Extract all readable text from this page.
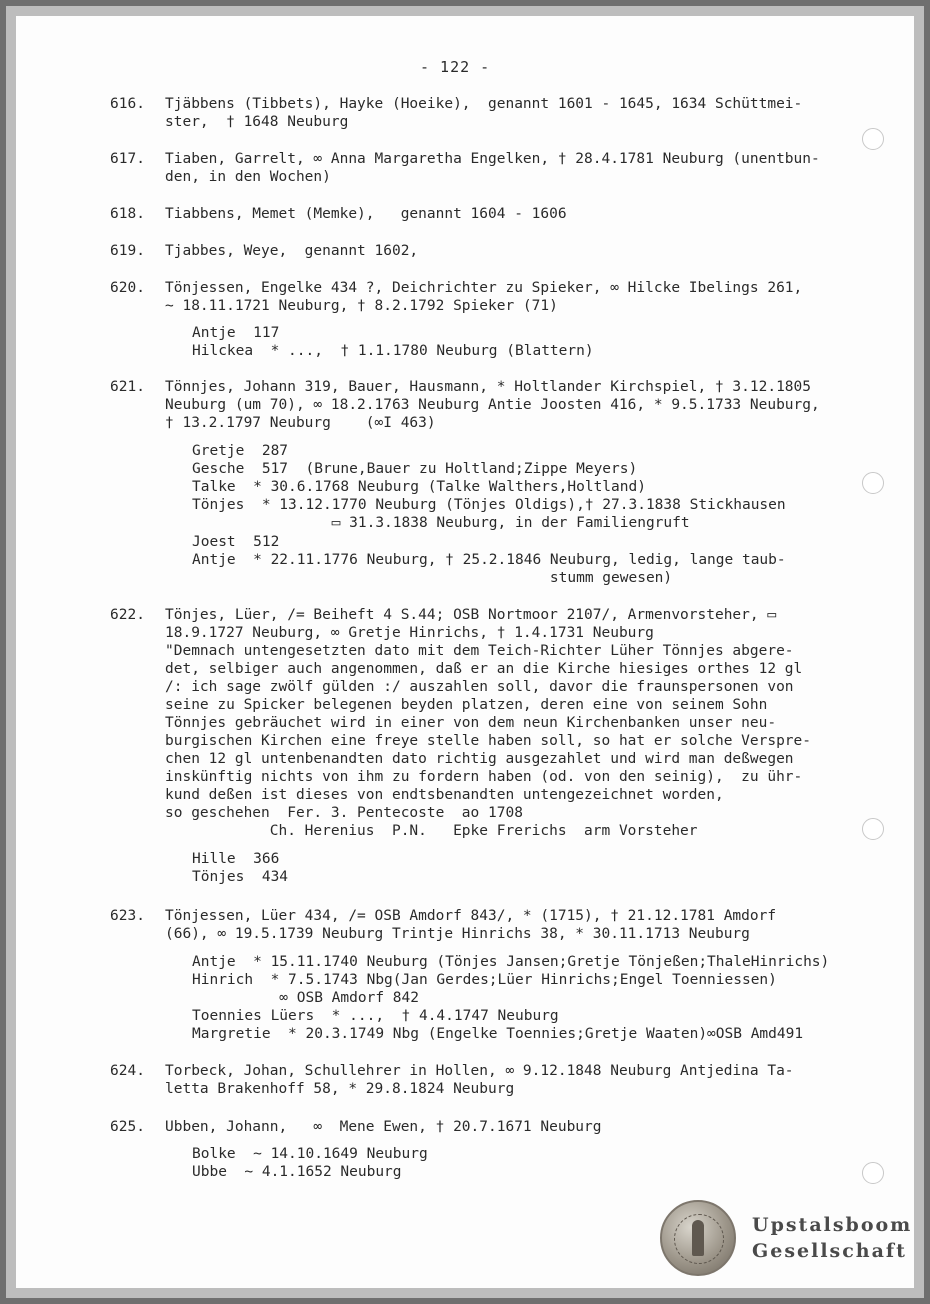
- 122 -
616. Tjäbbens (Tibbets), Hayke (Hoeike),  genannt 1601 - 1645, 1634 Schüttmei-
ster,  † 1648 Neuburg
617. Tiaben, Garrelt, ∞ Anna Margaretha Engelken, † 28.4.1781 Neuburg (unentbun-
den, in den Wochen)
618. Tiabbens, Memet (Memke),   genannt 1604 - 1606
619. Tjabbes, Weye,  genannt 1602,
620. Tönjessen, Engelke 434 ?, Deichrichter zu Spieker, ∞ Hilcke Ibelings 261,
~ 18.11.1721 Neuburg, † 8.2.1792 Spieker (71)
Antje  117
Hilckea  * ...,  † 1.1.1780 Neuburg (Blattern)
621. Tönnjes, Johann 319, Bauer, Hausmann, * Holtlander Kirchspiel, † 3.12.1805
Neuburg (um 70), ∞ 18.2.1763 Neuburg Antie Joosten 416, * 9.5.1733 Neuburg,
† 13.2.1797 Neuburg    (∞I 463)
Gretje  287
Gesche  517  (Brune,Bauer zu Holtland;Zippe Meyers)
Talke  * 30.6.1768 Neuburg (Talke Walthers,Holtland)
Tönjes  * 13.12.1770 Neuburg (Tönjes Oldigs),† 27.3.1838 Stickhausen
▭ 31.3.1838 Neuburg, in der Familiengruft
Joest  512
Antje  * 22.11.1776 Neuburg, † 25.2.1846 Neuburg, ledig, lange taub-
stumm gewesen)
622. Tönjes, Lüer, /= Beiheft 4 S.44; OSB Nortmoor 2107/, Armenvorsteher, ▭
18.9.1727 Neuburg, ∞ Gretje Hinrichs, † 1.4.1731 Neuburg
"Demnach untengesetzten dato mit dem Teich-Richter Lüher Tönnjes abgere-
det, selbiger auch angenommen, daß er an die Kirche hiesiges orthes 12 gl
/: ich sage zwölf gülden :/ auszahlen soll, davor die fraunspersonen von
seine zu Spicker belegenen beyden platzen, deren eine von seinem Sohn
Tönnjes gebräuchet wird in einer von dem neun Kirchenbanken unser neu-
burgischen Kirchen eine freye stelle haben soll, so hat er solche Verspre-
chen 12 gl untenbenandten dato richtig ausgezahlet und wird man deßwegen
inskünftig nichts von ihm zu fordern haben (od. von den seinig),  zu ühr-
kund deßen ist dieses von endtsbenandten untengezeichnet worden,
so geschehen  Fer. 3. Pentecoste  ao 1708
Ch. Herenius  P.N.   Epke Frerichs  arm Vorsteher
Hille  366
Tönjes  434
623. Tönjessen, Lüer 434, /= OSB Amdorf 843/, * (1715), † 21.12.1781 Amdorf
(66), ∞ 19.5.1739 Neuburg Trintje Hinrichs 38, * 30.11.1713 Neuburg
Antje  * 15.11.1740 Neuburg (Tönjes Jansen;Gretje Tönjeßen;ThaleHinrichs)
Hinrich  * 7.5.1743 Nbg(Jan Gerdes;Lüer Hinrichs;Engel Toenniessen)
∞ OSB Amdorf 842
Toennies Lüers  * ...,  † 4.4.1747 Neuburg
Margretie  * 20.3.1749 Nbg (Engelke Toennies;Gretje Waaten)∞OSB Amd491
624. Torbeck, Johan, Schullehrer in Hollen, ∞ 9.12.1848 Neuburg Antjedina Ta-
letta Brakenhoff 58, * 29.8.1824 Neuburg
625. Ubben, Johann,   ∞  Mene Ewen, † 20.7.1671 Neuburg
Bolke  ~ 14.10.1649 Neuburg
Ubbe  ~ 4.1.1652 Neuburg
Upstalsboom
Gesellschaft
